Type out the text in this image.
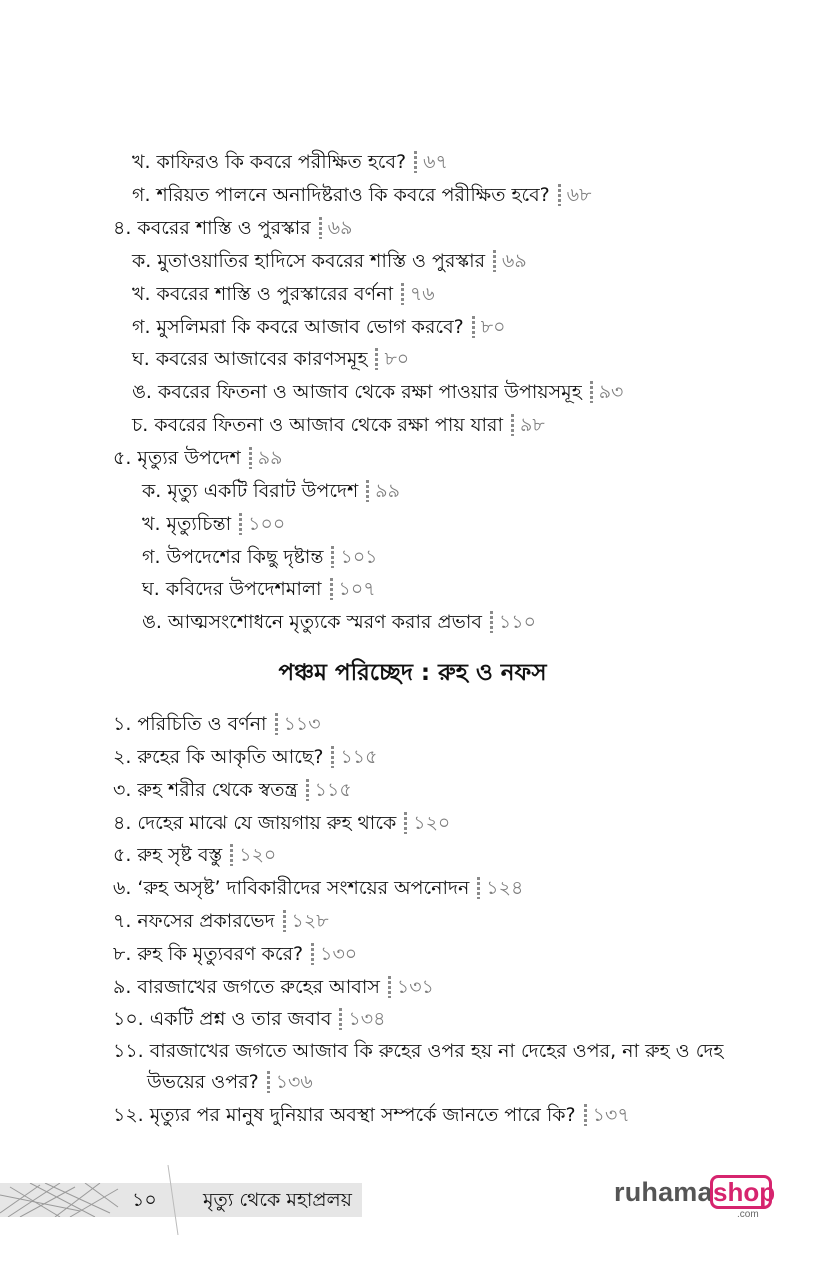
খ. কাফিরও কি কবরে পরীক্ষিত হবে? ৬৭
গ. শরিয়ত পালনে অনাদিষ্টরাও কি কবরে পরীক্ষিত হবে? ৬৮
৪. কবরের শাস্তি ও পুরস্কার ৬৯
ক. মুতাওয়াতির হাদিসে কবরের শাস্তি ও পুরস্কার ৬৯
খ. কবরের শাস্তি ও পুরস্কারের বর্ণনা ৭৬
গ. মুসলিমরা কি কবরে আজাব ভোগ করবে? ৮০
ঘ. কবরের আজাবের কারণসমূহ ৮০
ঙ. কবরের ফিতনা ও আজাব থেকে রক্ষা পাওয়ার উপায়সমূহ ৯৩
চ. কবরের ফিতনা ও আজাব থেকে রক্ষা পায় যারা ৯৮
৫. মৃত্যুর উপদেশ ৯৯
ক. মৃত্যু একটি বিরাট উপদেশ ৯৯
খ. মৃত্যুচিন্তা ১০০
গ. উপদেশের কিছু দৃষ্টান্ত ১০১
ঘ. কবিদের উপদেশমালা ১০৭
ঙ. আত্মসংশোধনে মৃত্যুকে স্মরণ করার প্রভাব ১১০
পঞ্চম পরিচ্ছেদ : রুহ ও নফস
১. পরিচিতি ও বর্ণনা ১১৩
২. রুহের কি আকৃতি আছে? ১১৫
৩. রুহ শরীর থেকে স্বতন্ত্র ১১৫
৪. দেহের মাঝে যে জায়গায় রুহ থাকে ১২০
৫. রুহ সৃষ্ট বস্তু ১২০
৬. ‘রুহ অসৃষ্ট’ দাবিকারীদের সংশয়ের অপনোদন ১২৪
৭. নফসের প্রকারভেদ ১২৮
৮. রুহ কি মৃত্যুবরণ করে? ১৩০
৯. বারজাখের জগতে রুহের আবাস ১৩১
১০. একটি প্রশ্ন ও তার জবাব ১৩৪
১১. বারজাখের জগতে আজাব কি রুহের ওপর হয় না দেহের ওপর, না রুহ ও দেহ
উভয়ের ওপর? ১৩৬
১২. মৃত্যুর পর মানুষ দুনিয়ার অবস্থা সম্পর্কে জানতে পারে কি? ১৩৭
১০ মৃত্যু থেকে মহাপ্রলয়	ruhama shop
.com
